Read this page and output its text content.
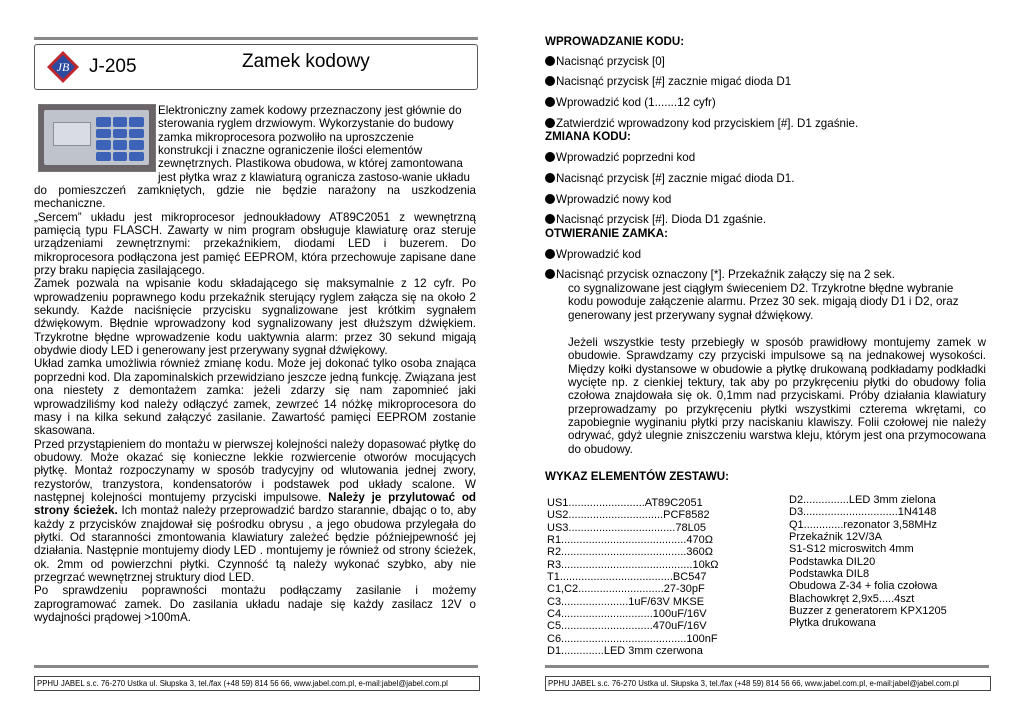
JB J-205	Zamek kodowy

Elektroniczny zamek kodowy przeznaczony jest głównie do

sterowania ryglem drzwiowym. Wykorzystanie do budowy

zamka mikroprocesora pozwoliło na uproszczenie

konstrukcji i znaczne ograniczenie ilości elementów

zewnętrznych. Plastikowa obudowa, w której zamontowana

jest płytka wraz z klawiaturą ogranicza zastoso-wanie układu

do pomieszczeń zamkniętych, gdzie nie będzie narażony na uszkodzenia mechaniczne.

„Sercem” układu jest mikroprocesor jednoukładowy AT89C2051 z wewnętrzną pamięcią typu FLASCH. Zawarty w nim program obsługuje klawiaturę oraz steruje urządzeniami zewnętrznymi: przekaźnikiem, diodami LED i buzerem. Do mikroprocesora podłączona jest pamięć EEPROM, która przechowuje zapisane dane przy braku napięcia zasilającego.

Zamek pozwala na wpisanie kodu składającego się maksymalnie z 12 cyfr. Po wprowadzeniu poprawnego kodu przekaźnik sterujący ryglem załącza się na około 2 sekundy. Każde naciśnięcie przycisku sygnalizowane jest krótkim sygnałem dźwiękowym. Błędnie wprowadzony kod sygnalizowany jest dłuższym dźwiękiem. Trzykrotne błędne wprowadzenie kodu uaktywnia alarm: przez 30 sekund migają obydwie diody LED i generowany jest przerywany sygnał dźwiękowy.

Układ zamka umożliwia również zmianę kodu. Może jej dokonać tylko osoba znająca poprzedni kod. Dla zapominalskich przewidziano jeszcze jedną funkcję. Związana jest ona niestety z demontażem zamka: jeżeli zdarzy się nam zapomnieć jaki wprowadziliśmy kod należy odłączyć zamek, zewrzeć 14 nóżkę mikroprocesora do masy i na kilka sekund załączyć zasilanie. Zawartość pamięci EEPROM zostanie skasowana.

Przed przystąpieniem do montażu w pierwszej kolejności należy dopasować płytkę do obudowy. Może okazać się konieczne lekkie rozwiercenie otworów mocujących płytkę. Montaż rozpoczynamy w sposób tradycyjny od wlutowania jednej zwory, rezystorów, tranzystora, kondensatorów i podstawek pod układy scalone. W następnej kolejności montujemy przyciski impulsowe. Należy je przylutować od strony ścieżek. Ich montaż należy przeprowadzić bardzo starannie, dbając o to, aby każdy z przycisków znajdował się pośrodku obrysu , a jego obudowa przylegała do płytki. Od staranności zmontowania klawiatury zależeć będzie późniejpewność jej działania. Następnie montujemy diody LED . montujemy je również od strony ścieżek, ok. 2mm od powierzchni płytki. Czynność tą należy wykonać szybko, aby nie przegrzać wewnętrznej struktury diod LED.

Po sprawdzeniu poprawności montażu podłączamy zasilanie i możemy zaprogramować zamek. Do zasilania układu nadaje się każdy zasilacz 12V o wydajności prądowej >100mA.

PPHU JABEL s.c. 76-270 Ustka ul. Słupska 3, tel./fax (+48 59) 814 56 66, www.jabel.com.pl, e-mail:jabel@jabel.com.pl
WPROWADZANIE KODU:
Nacisnąć przycisk [0]
Nacisnąć przycisk [#] zacznie migać dioda D1
Wprowadzić kod (1.......12 cyfr)
Zatwierdzić wprowadzony kod przyciskiem [#]. D1 zgaśnie.
ZMIANA KODU:
Wprowadzić poprzedni kod
Nacisnąć przycisk [#] zacznie migać dioda D1.
Wprowadzić nowy kod
Nacisnąć przycisk [#]. Dioda D1 zgaśnie.
OTWIERANIE ZAMKA:
Wprowadzić kod
Nacisnąć przycisk oznaczony [*]. Przekaźnik załączy się na 2 sek.
co sygnalizowane jest ciągłym świeceniem D2. Trzykrotne błędne wybranie kodu powoduje załączenie alarmu. Przez 30 sek. migają diody D1 i D2, oraz generowany jest przerywany sygnał dźwiękowy.
Jeżeli wszystkie testy przebiegły w sposób prawidłowy montujemy zamek w obudowie. Sprawdzamy czy przyciski impulsowe są na jednakowej wysokości. Między kołki dystansowe w obudowie a płytkę drukowaną podkładamy podkładki wycięte np. z cienkiej tektury, tak aby po przykręceniu płytki do obudowy folia czołowa znajdowała się ok. 0,1mm nad przyciskami. Próby działania klawiatury przeprowadzamy po przykręceniu płytki wszystkimi czterema wkrętami, co zapobiegnie wyginaniu płytki przy naciskaniu klawiszy. Folii czołowej nie należy odrywać, gdyż ulegnie zniszczeniu warstwa kleju, którym jest ona przymocowana do obudowy.
WYKAZ ELEMENTÓW ZESTAWU:
US1.........................AT89C2051
US2...............................PCF8582
US3...................................78L05
R1.........................................470Ω
R2.........................................360Ω
R3...........................................10kΩ
T1.....................................BC547
C1,C2............................27-30pF
C3......................1uF/63V MKSE
C4..............................100uF/16V
C5..............................470uF/16V
C6.........................................100nF
D1..............LED 3mm czerwona
D2...............LED 3mm zielona
D3...............................1N4148
Q1.............rezonator 3,58MHz
Przekaźnik 12V/3A
S1-S12 microswitch 4mm
Podstawka DIL20
Podstawka DIL8
Obudowa Z-34 + folia czołowa
Blachowkręt 2,9x5.....4szt
Buzzer z generatorem KPX1205
Płytka drukowana
PPHU JABEL s.c. 76-270 Ustka ul. Słupska 3, tel./fax (+48 59) 814 56 66, www.jabel.com.pl, e-mail:jabel@jabel.com.pl
